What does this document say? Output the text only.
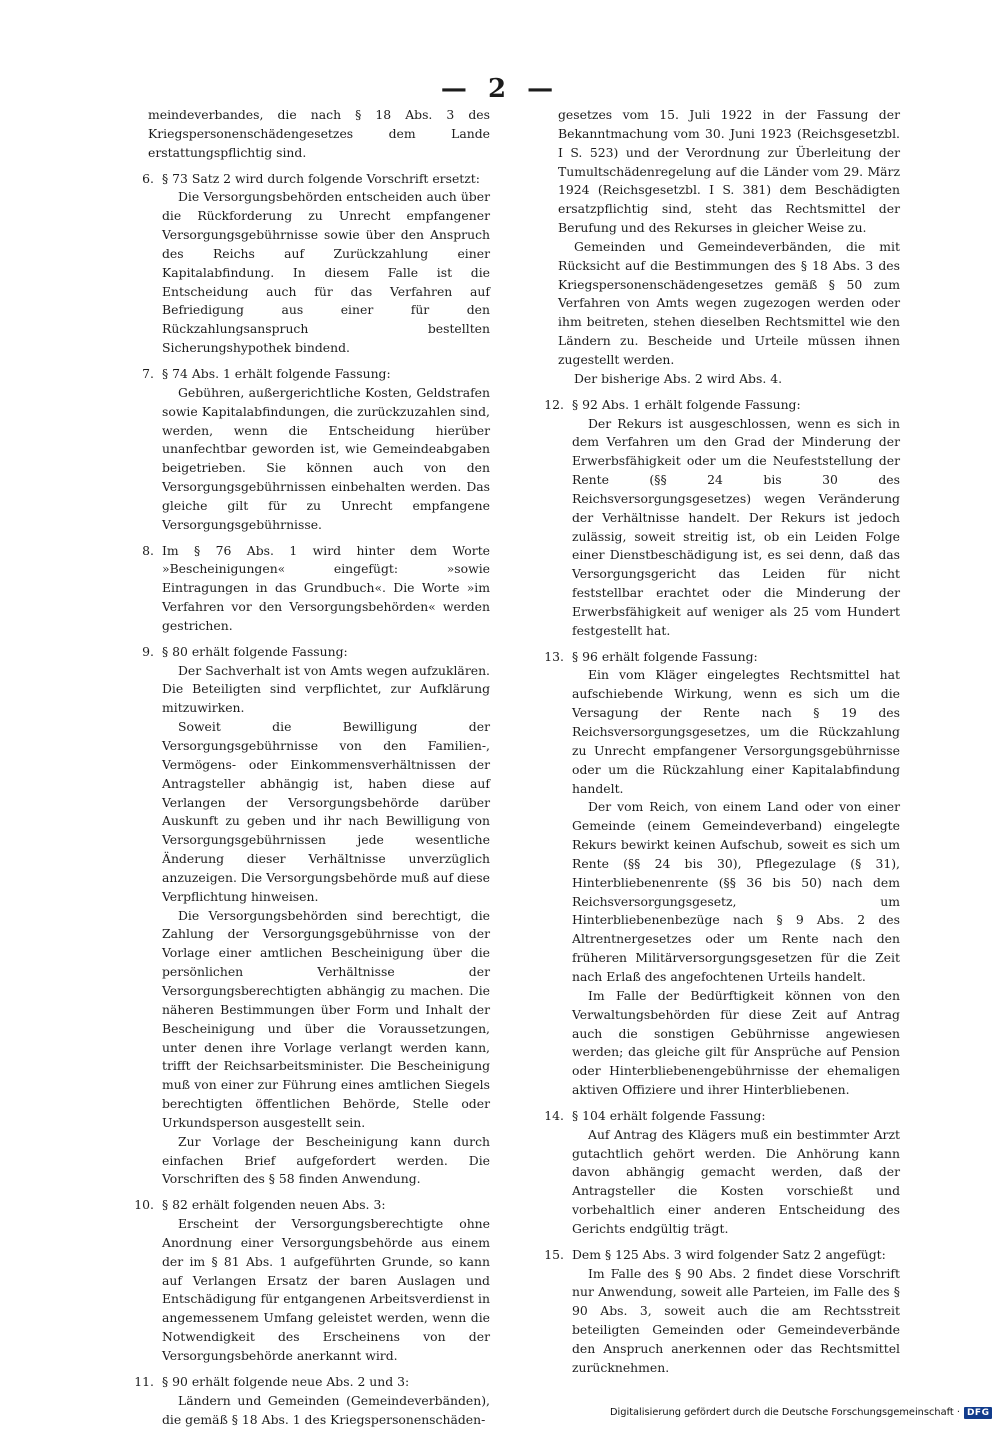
— 2 —

meindeverbandes, die nach § 18 Abs. 3 des Kriegspersonenschädengesetzes dem Lande erstattungspflichtig sind.

6. § 73 Satz 2 wird durch folgende Vorschrift ersetzt:

Die Versorgungsbehörden entscheiden auch über die Rückforderung zu Unrecht empfangener Versorgungsgebührnisse sowie über den Anspruch des Reichs auf Zurückzahlung einer Kapitalabfindung. In diesem Falle ist die Entscheidung auch für das Verfahren auf Befriedigung aus einer für den Rückzahlungsanspruch bestellten Sicherungshypothek bindend.

7. § 74 Abs. 1 erhält folgende Fassung:

Gebühren, außergerichtliche Kosten, Geldstrafen sowie Kapitalabfindungen, die zurückzuzahlen sind, werden, wenn die Entscheidung hierüber unanfechtbar geworden ist, wie Gemeindeabgaben beigetrieben. Sie können auch von den Versorgungsgebührnissen einbehalten werden. Das gleiche gilt für zu Unrecht empfangene Versorgungsgebührnisse.

8. Im § 76 Abs. 1 wird hinter dem Worte »Bescheinigungen« eingefügt: »sowie Eintragungen in das Grundbuch«. Die Worte »im Verfahren vor den Versorgungsbehörden« werden gestrichen.

9. § 80 erhält folgende Fassung:

Der Sachverhalt ist von Amts wegen aufzuklären. Die Beteiligten sind verpflichtet, zur Aufklärung mitzuwirken.

Soweit die Bewilligung der Versorgungsgebührnisse von den Familien-, Vermögens- oder Einkommensverhältnissen der Antragsteller abhängig ist, haben diese auf Verlangen der Versorgungsbehörde darüber Auskunft zu geben und ihr nach Bewilligung von Versorgungsgebührnissen jede wesentliche Änderung dieser Verhältnisse unverzüglich anzuzeigen. Die Versorgungsbehörde muß auf diese Verpflichtung hinweisen.

Die Versorgungsbehörden sind berechtigt, die Zahlung der Versorgungsgebührnisse von der Vorlage einer amtlichen Bescheinigung über die persönlichen Verhältnisse der Versorgungsberechtigten abhängig zu machen. Die näheren Bestimmungen über Form und Inhalt der Bescheinigung und über die Voraussetzungen, unter denen ihre Vorlage verlangt werden kann, trifft der Reichsarbeitsminister. Die Bescheinigung muß von einer zur Führung eines amtlichen Siegels berechtigten öffentlichen Behörde, Stelle oder Urkundsperson ausgestellt sein.

Zur Vorlage der Bescheinigung kann durch einfachen Brief aufgefordert werden. Die Vorschriften des § 58 finden Anwendung.

10. § 82 erhält folgenden neuen Abs. 3:

Erscheint der Versorgungsberechtigte ohne Anordnung einer Versorgungsbehörde aus einem der im § 81 Abs. 1 aufgeführten Grunde, so kann auf Verlangen Ersatz der baren Auslagen und Entschädigung für entgangenen Arbeitsverdienst in angemessenem Umfang geleistet werden, wenn die Notwendigkeit des Erscheinens von der Versorgungsbehörde anerkannt wird.

11. § 90 erhält folgende neue Abs. 2 und 3:

Ländern und Gemeinden (Gemeindeverbänden), die gemäß § 18 Abs. 1 des Kriegspersonenschäden-

gesetzes vom 15. Juli 1922 in der Fassung der Bekanntmachung vom 30. Juni 1923 (Reichsgesetzbl. I S. 523) und der Verordnung zur Überleitung der Tumultschädenregelung auf die Länder vom 29. März 1924 (Reichsgesetzbl. I S. 381) dem Beschädigten ersatzpflichtig sind, steht das Rechtsmittel der Berufung und des Rekurses in gleicher Weise zu.

Gemeinden und Gemeindeverbänden, die mit Rücksicht auf die Bestimmungen des § 18 Abs. 3 des Kriegspersonenschädengesetzes gemäß § 50 zum Verfahren von Amts wegen zugezogen werden oder ihm beitreten, stehen dieselben Rechtsmittel wie den Ländern zu. Bescheide und Urteile müssen ihnen zugestellt werden.

Der bisherige Abs. 2 wird Abs. 4.

12. § 92 Abs. 1 erhält folgende Fassung:

Der Rekurs ist ausgeschlossen, wenn es sich in dem Verfahren um den Grad der Minderung der Erwerbsfähigkeit oder um die Neufeststellung der Rente (§§ 24 bis 30 des Reichsversorgungsgesetzes) wegen Veränderung der Verhältnisse handelt. Der Rekurs ist jedoch zulässig, soweit streitig ist, ob ein Leiden Folge einer Dienstbeschädigung ist, es sei denn, daß das Versorgungsgericht das Leiden für nicht feststellbar erachtet oder die Minderung der Erwerbsfähigkeit auf weniger als 25 vom Hundert festgestellt hat.

13. § 96 erhält folgende Fassung:

Ein vom Kläger eingelegtes Rechtsmittel hat aufschiebende Wirkung, wenn es sich um die Versagung der Rente nach § 19 des Reichsversorgungsgesetzes, um die Rückzahlung zu Unrecht empfangener Versorgungsgebührnisse oder um die Rückzahlung einer Kapitalabfindung handelt.

Der vom Reich, von einem Land oder von einer Gemeinde (einem Gemeindeverband) eingelegte Rekurs bewirkt keinen Aufschub, soweit es sich um Rente (§§ 24 bis 30), Pflegezulage (§ 31), Hinterbliebenenrente (§§ 36 bis 50) nach dem Reichsversorgungsgesetz, um Hinterbliebenenbezüge nach § 9 Abs. 2 des Altrentnergesetzes oder um Rente nach den früheren Militärversorgungsgesetzen für die Zeit nach Erlaß des angefochtenen Urteils handelt.

Im Falle der Bedürftigkeit können von den Verwaltungsbehörden für diese Zeit auf Antrag auch die sonstigen Gebührnisse angewiesen werden; das gleiche gilt für Ansprüche auf Pension oder Hinterbliebenengebührnisse der ehemaligen aktiven Offiziere und ihrer Hinterbliebenen.

14. § 104 erhält folgende Fassung:

Auf Antrag des Klägers muß ein bestimmter Arzt gutachtlich gehört werden. Die Anhörung kann davon abhängig gemacht werden, daß der Antragsteller die Kosten vorschießt und vorbehaltlich einer anderen Entscheidung des Gerichts endgültig trägt.

15. Dem § 125 Abs. 3 wird folgender Satz 2 angefügt:

Im Falle des § 90 Abs. 2 findet diese Vorschrift nur Anwendung, soweit alle Parteien, im Falle des § 90 Abs. 3, soweit auch die am Rechtsstreit beteiligten Gemeinden oder Gemeindeverbände den Anspruch anerkennen oder das Rechtsmittel zurücknehmen.

Digitalisierung gefördert durch die Deutsche Forschungsgemeinschaft · DFG
